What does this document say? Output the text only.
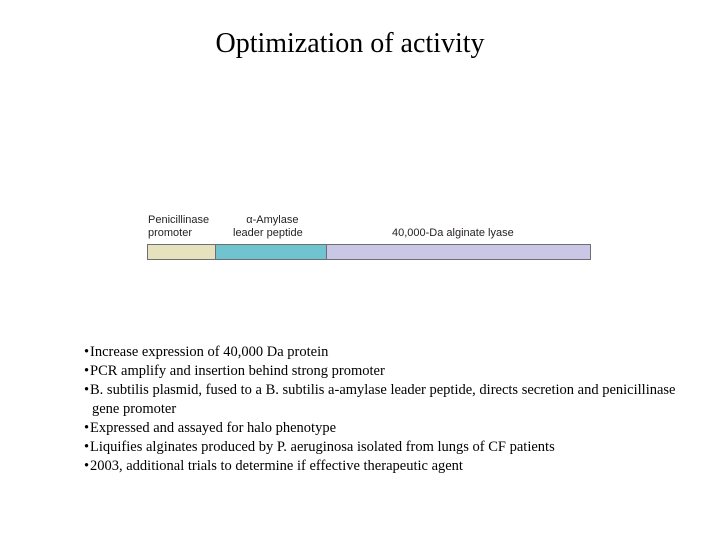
Optimization of activity
Penicillinase
promoter
α-Amylase
leader peptide	40,000-Da alginate lyase
• Increase expression of 40,000 Da protein
• PCR amplify and insertion behind strong promoter
• B. subtilis plasmid, fused to a B. subtilis a-amylase leader peptide, directs secretion and penicillinase gene promoter
• Expressed and assayed for halo phenotype
• Liquifies alginates produced by P. aeruginosa isolated from lungs of CF patients
• 2003, additional trials to determine if effective therapeutic agent
